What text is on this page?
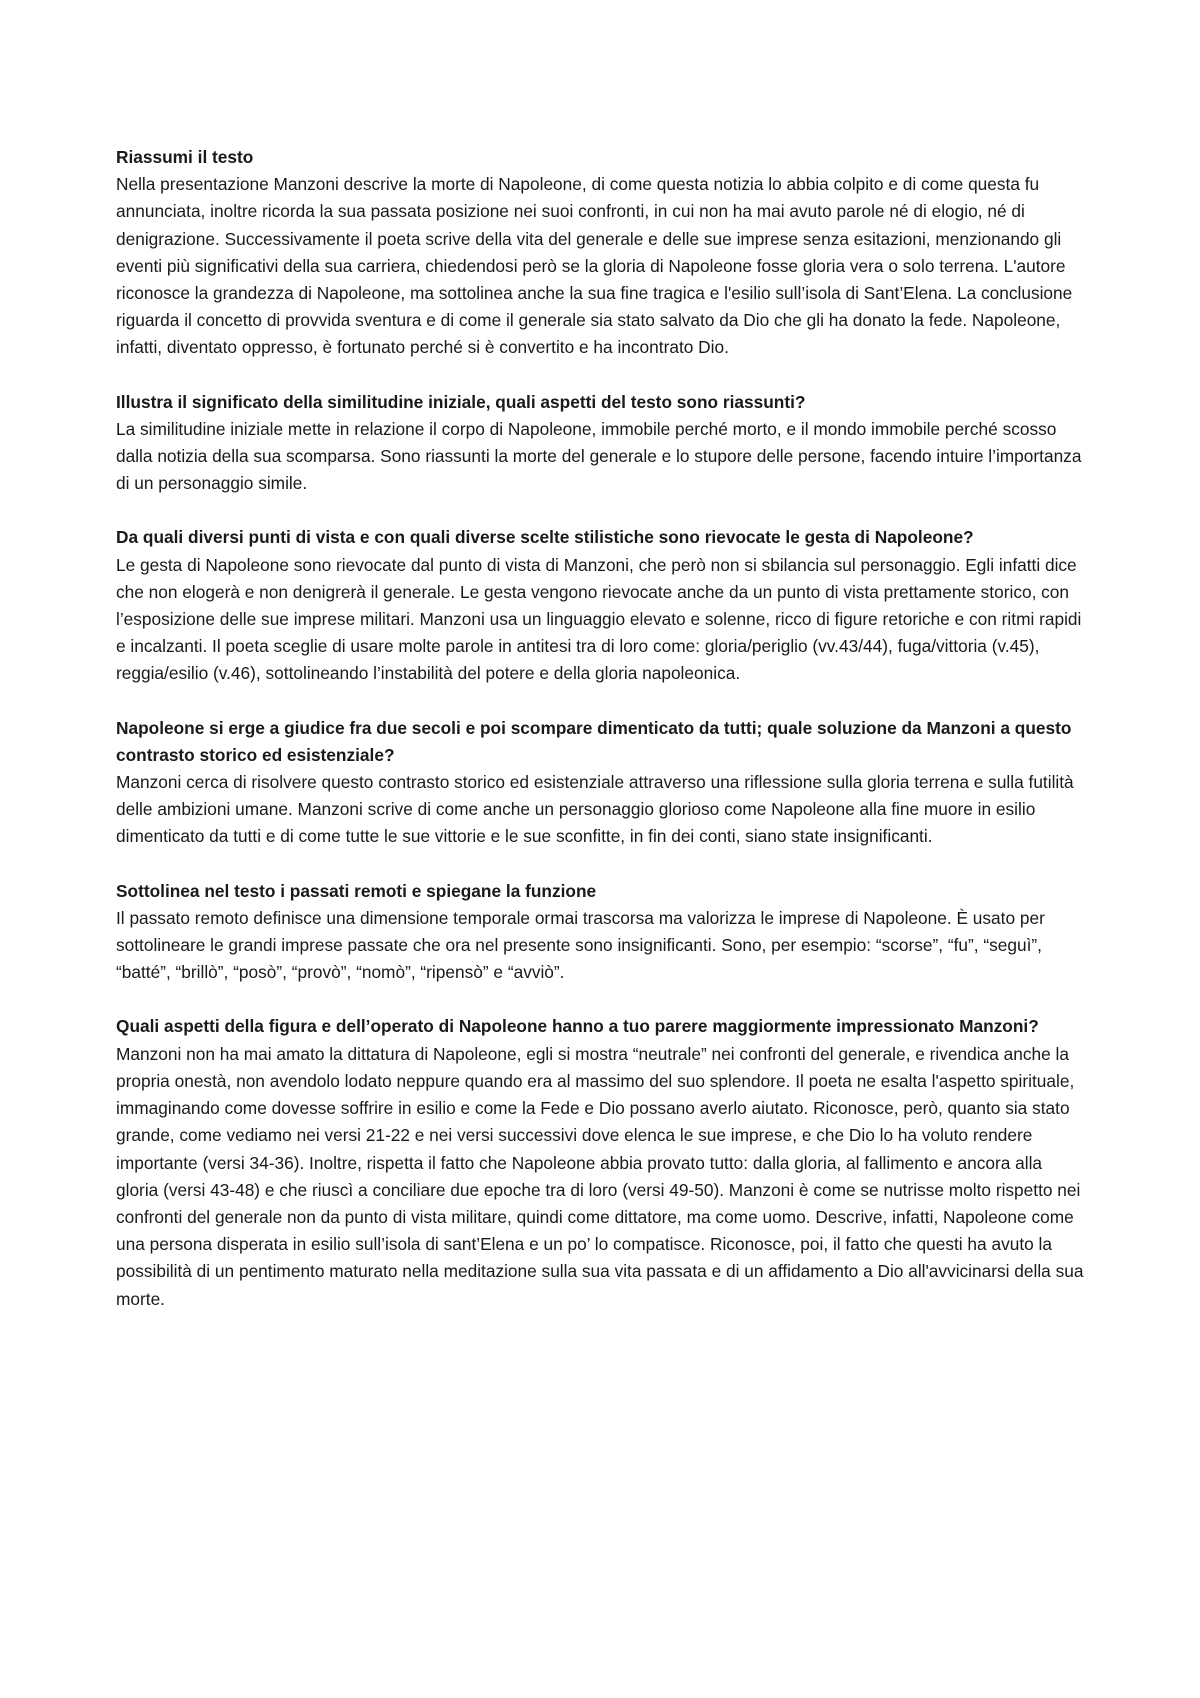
Riassumi il testo

Nella presentazione Manzoni descrive la morte di Napoleone, di come questa notizia lo abbia colpito e di come questa fu annunciata, inoltre ricorda la sua passata posizione nei suoi confronti, in cui non ha mai avuto parole né di elogio, né di denigrazione. Successivamente il poeta scrive della vita del generale e delle sue imprese senza esitazioni, menzionando gli eventi più significativi della sua carriera, chiedendosi però se la gloria di Napoleone fosse gloria vera o solo terrena. L'autore riconosce la grandezza di Napoleone, ma sottolinea anche la sua fine tragica e l'esilio sull’isola di Sant’Elena. La conclusione riguarda il concetto di provvida sventura e di come il generale sia stato salvato da Dio che gli ha donato la fede. Napoleone, infatti, diventato oppresso, è fortunato perché si è convertito e ha incontrato Dio.

Illustra il significato della similitudine iniziale, quali aspetti del testo sono riassunti?

La similitudine iniziale mette in relazione il corpo di Napoleone, immobile perché morto, e il mondo immobile perché scosso dalla notizia della sua scomparsa. Sono riassunti la morte del generale e lo stupore delle persone, facendo intuire l’importanza di un personaggio simile.

Da quali diversi punti di vista e con quali diverse scelte stilistiche sono rievocate le gesta di Napoleone?

Le gesta di Napoleone sono rievocate dal punto di vista di Manzoni, che però non si sbilancia sul personaggio. Egli infatti dice che non elogerà e non denigrerà il generale. Le gesta vengono rievocate anche da un punto di vista prettamente storico, con l’esposizione delle sue imprese militari. Manzoni usa un linguaggio elevato e solenne, ricco di figure retoriche e con ritmi rapidi e incalzanti. Il poeta sceglie di usare molte parole in antitesi tra di loro come: gloria/periglio (vv.43/44), fuga/vittoria (v.45), reggia/esilio (v.46), sottolineando l’instabilità del potere e della gloria napoleonica.

Napoleone si erge a giudice fra due secoli e poi scompare dimenticato da tutti; quale soluzione da Manzoni a questo contrasto storico ed esistenziale?

Manzoni cerca di risolvere questo contrasto storico ed esistenziale attraverso una riflessione sulla gloria terrena e sulla futilità delle ambizioni umane. Manzoni scrive di come anche un personaggio glorioso come Napoleone alla fine muore in esilio dimenticato da tutti e di come tutte le sue vittorie e le sue sconfitte, in fin dei conti, siano state insignificanti.

Sottolinea nel testo i passati remoti e spiegane la funzione

Il passato remoto definisce una dimensione temporale ormai trascorsa ma valorizza le imprese di Napoleone. È usato per sottolineare le grandi imprese passate che ora nel presente sono insignificanti. Sono, per esempio: “scorse”, “fu”, “seguì”, “batté”, “brillò”, “posò”, “provò”, “nomò”, “ripensò” e “avviò”.

Quali aspetti della figura e dell’operato di Napoleone hanno a tuo parere maggiormente impressionato Manzoni?

Manzoni non ha mai amato la dittatura di Napoleone, egli si mostra “neutrale” nei confronti del generale, e rivendica anche la propria onestà, non avendolo lodato neppure quando era al massimo del suo splendore. Il poeta ne esalta l'aspetto spirituale, immaginando come dovesse soffrire in esilio e come la Fede e Dio possano averlo aiutato. Riconosce, però, quanto sia stato grande, come vediamo nei versi 21-22 e nei versi successivi dove elenca le sue imprese, e che Dio lo ha voluto rendere importante (versi 34-36). Inoltre, rispetta il fatto che Napoleone abbia provato tutto: dalla gloria, al fallimento e ancora alla gloria (versi 43-48) e che riuscì a conciliare due epoche tra di loro (versi 49-50). Manzoni è come se nutrisse molto rispetto nei confronti del generale non da punto di vista militare, quindi come dittatore, ma come uomo. Descrive, infatti, Napoleone come una persona disperata in esilio sull’isola di sant’Elena e un po’ lo compatisce. Riconosce, poi, il fatto che questi ha avuto la possibilità di un pentimento maturato nella meditazione sulla sua vita passata e di un affidamento a Dio all'avvicinarsi della sua morte.
